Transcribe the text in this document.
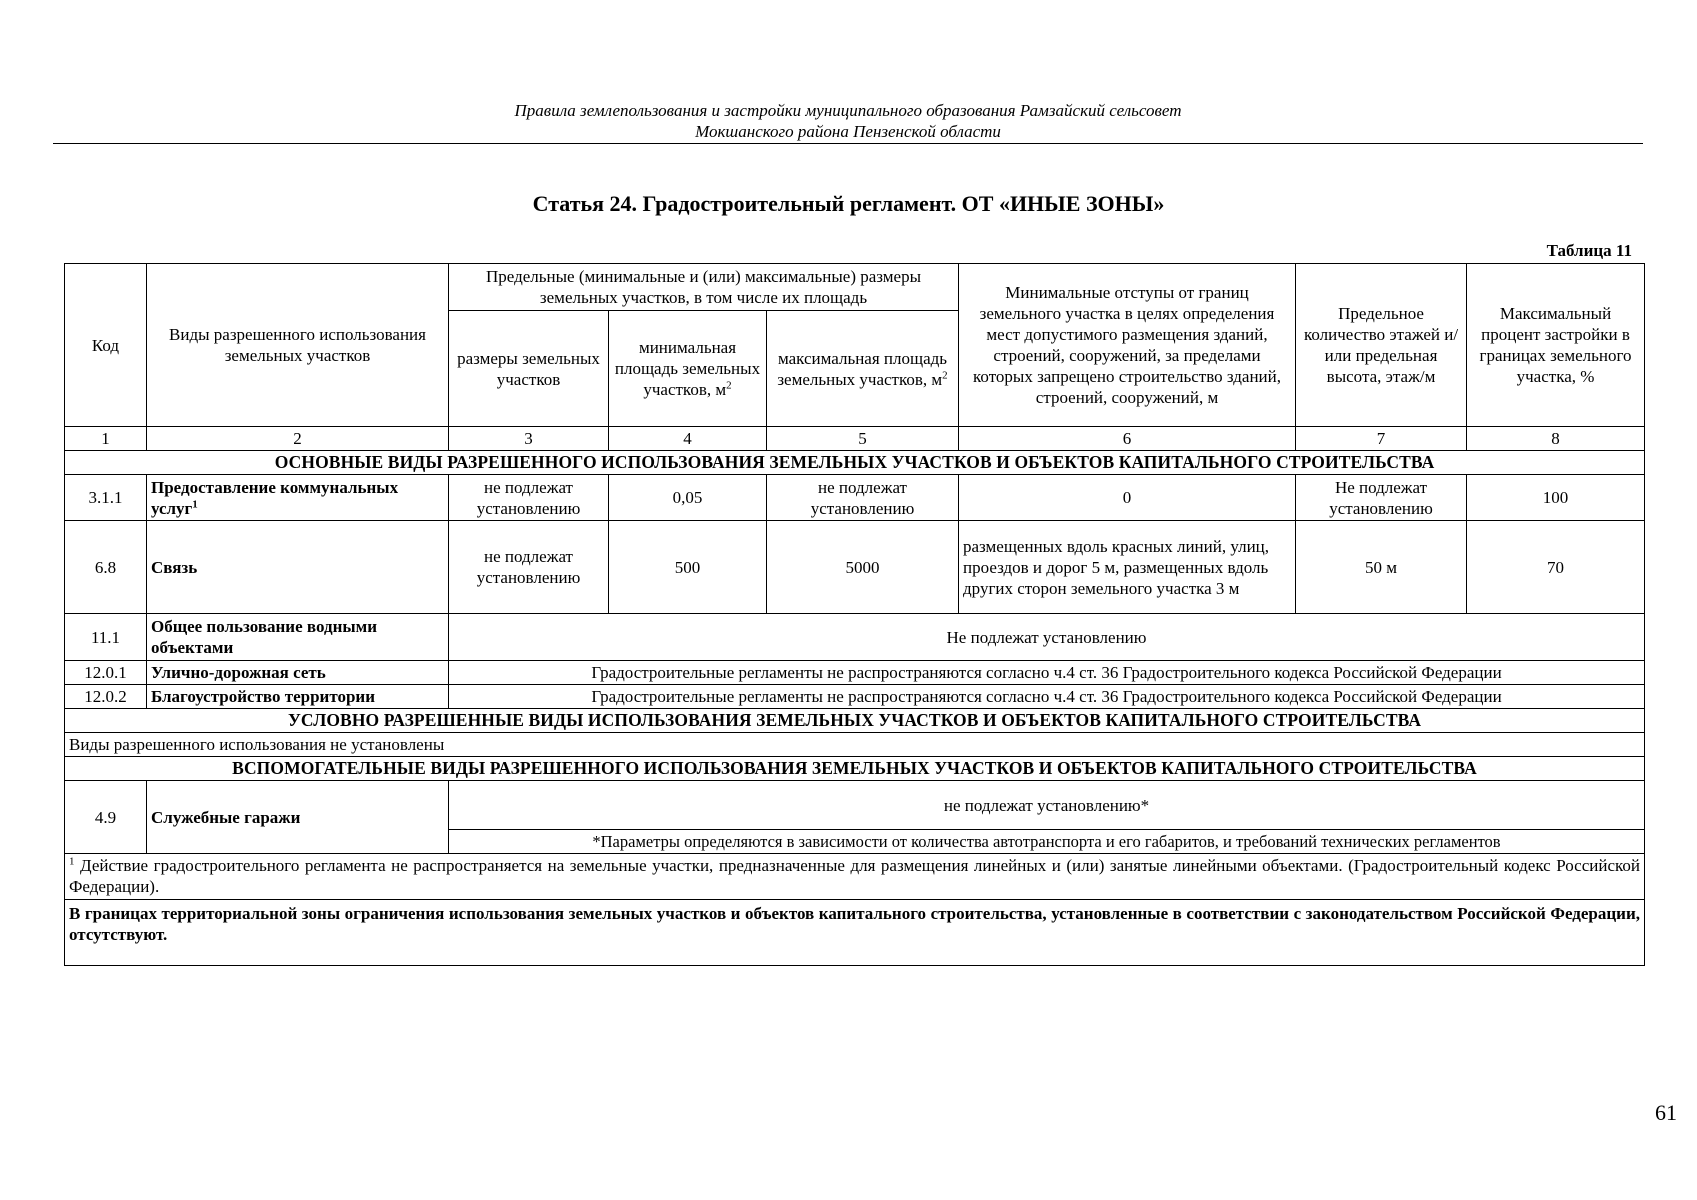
Правила землепользования и застройки муниципального образования Рамзайский сельсовет
Мокшанского района Пензенской области
Статья 24. Градостроительный регламент. ОТ «ИНЫЕ ЗОНЫ»
Таблица 11
Код	Виды разрешенного использования земельных участков	Предельные (минимальные и (или) максимальные) размеры земельных участков, в том числе их площадь			Минимальные отступы от границ земельного участка в целях определения мест допустимого размещения зданий, строений, сооружений, за пределами которых запрещено строительство зданий, строений, сооружений, м	Предельное количество этажей и/или предельная высота, этаж/м	Максимальный процент застройки в границах земельного участка, %
		размеры земельных участков	минимальная площадь земельных участков, $м^2$	максимальная площадь земельных участков, $м^2$
1	2	3	4	5	6	7	8
ОСНОВНЫЕ ВИДЫ РАЗРЕШЕННОГО ИСПОЛЬЗОВАНИЯ ЗЕМЕЛЬНЫХ УЧАСТКОВ И ОБЪЕКТОВ КАПИТАЛЬНОГО СТРОИТЕЛЬСТВА							
3.1.1	Предоставление коммунальных услуг$^1$	не подлежат установлению	0,05	не подлежат установлению	0	Не подлежат установлению	100
6.8	Связь	не подлежат установлению	500	5000	размещенных вдоль красных линий, улиц, проездов и дорог 5 м, размещенных вдоль других сторон земельного участка 3 м	50 м	70
11.1	Общее пользование водными объектами	Не подлежат установлению					
12.0.1	Улично-дорожная сеть	Градостроительные регламенты не распространяются согласно ч.4 ст. 36 Градостроительного кодекса Российской Федерации					
12.0.2	Благоустройство территории	Градостроительные регламенты не распространяются согласно ч.4 ст. 36 Градостроительного кодекса Российской Федерации					
УСЛОВНО РАЗРЕШЕННЫЕ ВИДЫ ИСПОЛЬЗОВАНИЯ ЗЕМЕЛЬНЫХ УЧАСТКОВ И ОБЪЕКТОВ КАПИТАЛЬНОГО СТРОИТЕЛЬСТВА							
Виды разрешенного использования не установлены							
ВСПОМОГАТЕЛЬНЫЕ ВИДЫ РАЗРЕШЕННОГО ИСПОЛЬЗОВАНИЯ ЗЕМЕЛЬНЫХ УЧАСТКОВ И ОБЪЕКТОВ КАПИТАЛЬНОГО СТРОИТЕЛЬСТВА							
4.9	Служебные гаражи	не подлежат установлению*					
		*Параметры определяются в зависимости от количества автотранспорта и его габаритов, и требований технических регламентов					
$^1$ Действие градостроительного регламента не распространяется на земельные участки, предназначенные для размещения линейных и (или) занятые линейными объектами. (Градостроительный кодекс Российской Федерации).							
В границах территориальной зоны ограничения использования земельных участков и объектов капитального строительства, установленные в соответствии с законодательством Российской Федерации, отсутствуют.							
61
